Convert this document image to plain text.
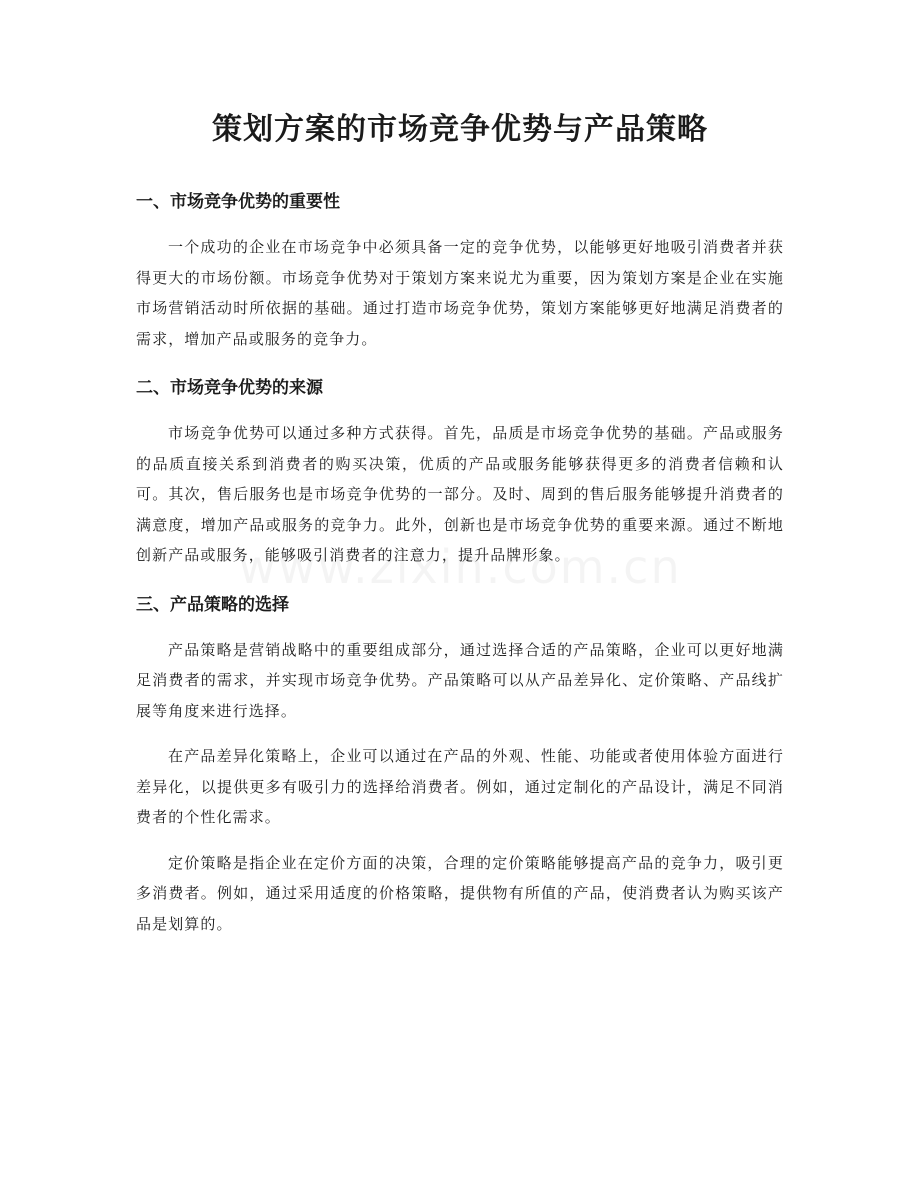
策划方案的市场竞争优势与产品策略
一、市场竞争优势的重要性

一个成功的企业在市场竞争中必须具备一定的竞争优势，以能够更好地吸引消费者并获得更大的市场份额。市场竞争优势对于策划方案来说尤为重要，因为策划方案是企业在实施市场营销活动时所依据的基础。通过打造市场竞争优势，策划方案能够更好地满足消费者的需求，增加产品或服务的竞争力。

二、市场竞争优势的来源

市场竞争优势可以通过多种方式获得。首先，品质是市场竞争优势的基础。产品或服务的品质直接关系到消费者的购买决策，优质的产品或服务能够获得更多的消费者信赖和认可。其次，售后服务也是市场竞争优势的一部分。及时、周到的售后服务能够提升消费者的满意度，增加产品或服务的竞争力。此外，创新也是市场竞争优势的重要来源。通过不断地创新产品或服务，能够吸引消费者的注意力，提升品牌形象。

三、产品策略的选择

产品策略是营销战略中的重要组成部分，通过选择合适的产品策略，企业可以更好地满足消费者的需求，并实现市场竞争优势。产品策略可以从产品差异化、定价策略、产品线扩展等角度来进行选择。

在产品差异化策略上，企业可以通过在产品的外观、性能、功能或者使用体验方面进行差异化，以提供更多有吸引力的选择给消费者。例如，通过定制化的产品设计，满足不同消费者的个性化需求。

定价策略是指企业在定价方面的决策，合理的定价策略能够提高产品的竞争力，吸引更多消费者。例如，通过采用适度的价格策略，提供物有所值的产品，使消费者认为购买该产品是划算的。
